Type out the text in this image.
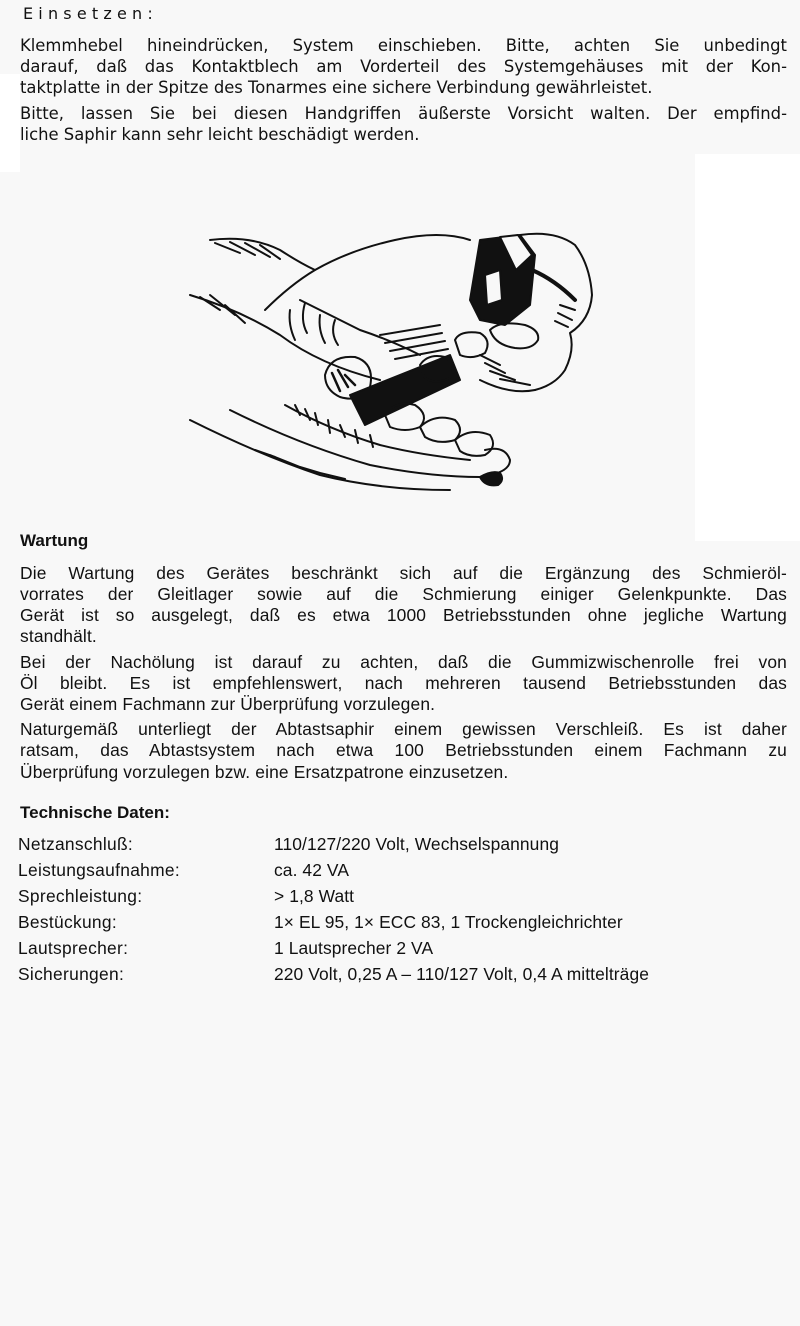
Einsetzen:
Klemmhebel hineindrücken, System einschieben. Bitte, achten Sie unbedingt
darauf, daß das Kontaktblech am Vorderteil des Systemgehäuses mit der Kon-
taktplatte in der Spitze des Tonarmes eine sichere Verbindung gewährleistet.
Bitte, lassen Sie bei diesen Handgriffen äußerste Vorsicht walten. Der empfind-
liche Saphir kann sehr leicht beschädigt werden.
Wartung
Die Wartung des Gerätes beschränkt sich auf die Ergänzung des Schmieröl-
vorrates der Gleitlager sowie auf die Schmierung einiger Gelenkpunkte. Das
Gerät ist so ausgelegt, daß es etwa 1000 Betriebsstunden ohne jegliche Wartung
standhält.
Bei der Nachölung ist darauf zu achten, daß die Gummizwischenrolle frei von
Öl bleibt. Es ist empfehlenswert, nach mehreren tausend Betriebsstunden das
Gerät einem Fachmann zur Überprüfung vorzulegen.
Naturgemäß unterliegt der Abtastsaphir einem gewissen Verschleiß. Es ist daher
ratsam, das Abtastsystem nach etwa 100 Betriebsstunden einem Fachmann zu
Überprüfung vorzulegen bzw. eine Ersatzpatrone einzusetzen.
Technische Daten:
Netzanschluß:	110/127/220 Volt, Wechselspannung
Leistungsaufnahme:	ca. 42 VA
Sprechleistung:	> 1,8 Watt
Bestückung:	1× EL 95, 1× ECC 83, 1 Trockengleichrichter
Lautsprecher:	1 Lautsprecher 2 VA
Sicherungen:	220 Volt, 0,25 A – 110/127 Volt, 0,4 A mittelträge
